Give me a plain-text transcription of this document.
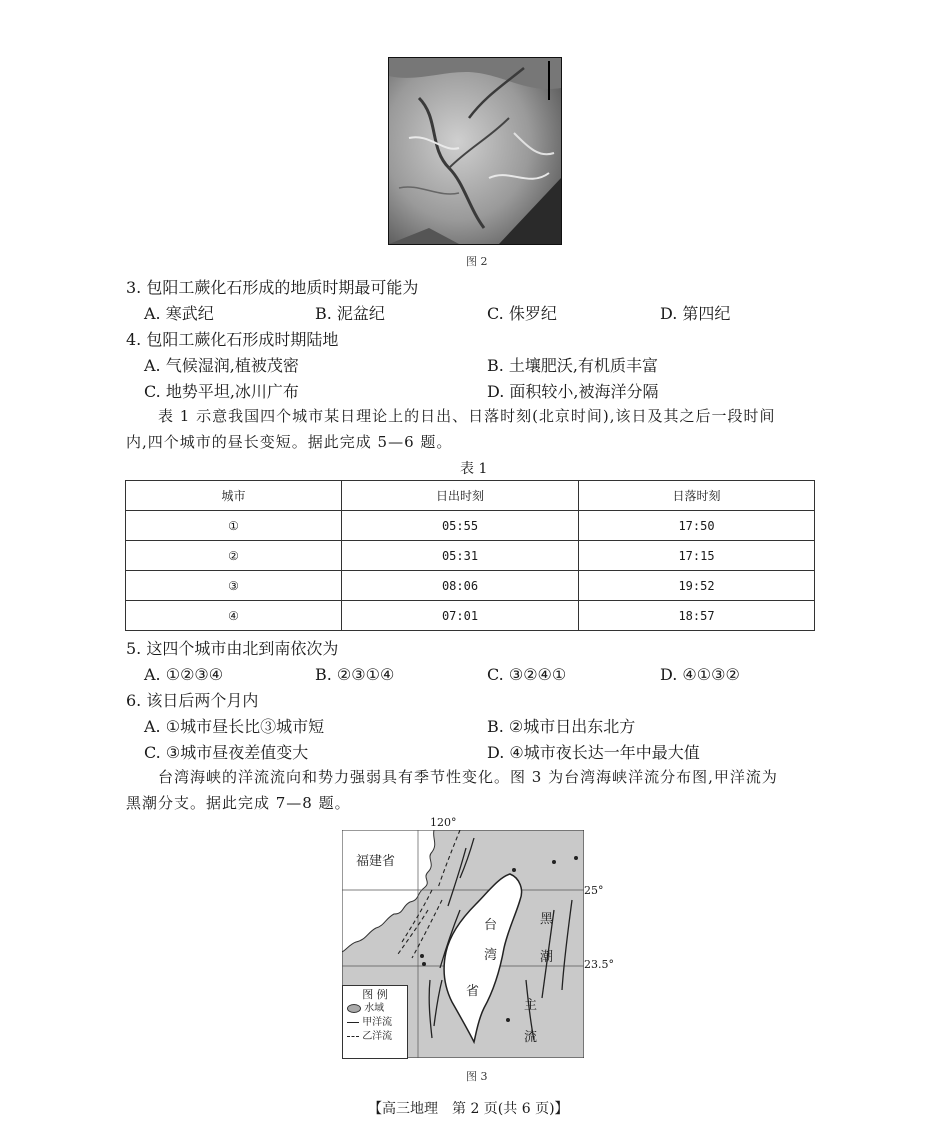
图 2
3. 包阳工蕨化石形成的地质时期最可能为
A. 寒武纪	B. 泥盆纪	C. 侏罗纪	D. 第四纪
4. 包阳工蕨化石形成时期陆地
A. 气候湿润,植被茂密	B. 土壤肥沃,有机质丰富
C. 地势平坦,冰川广布	D. 面积较小,被海洋分隔
表 1 示意我国四个城市某日理论上的日出、日落时刻(北京时间),该日及其之后一段时间
内,四个城市的昼长变短。据此完成 5—6 题。
表 1
城市	日出时刻	日落时刻
①	05:55	17:50
②	05:31	17:15
③	08:06	19:52
④	07:01	18:57
5. 这四个城市由北到南依次为
A. ①②③④	B. ②③①④	C. ③②④①	D. ④①③②
6. 该日后两个月内
A. ①城市昼长比③城市短	B. ②城市日出东北方
C. ③城市昼夜差值变大	D. ④城市夜长达一年中最大值
台湾海峡的洋流流向和势力强弱具有季节性变化。图 3 为台湾海峡洋流分布图,甲洋流为
黑潮分支。据此完成 7—8 题。
120°
25°
23.5°
福建省
台
湾
省
黑
潮
主
流
图 例
水域
甲洋流
乙洋流
图 3
【高三地理　第 2 页(共 6 页)】
